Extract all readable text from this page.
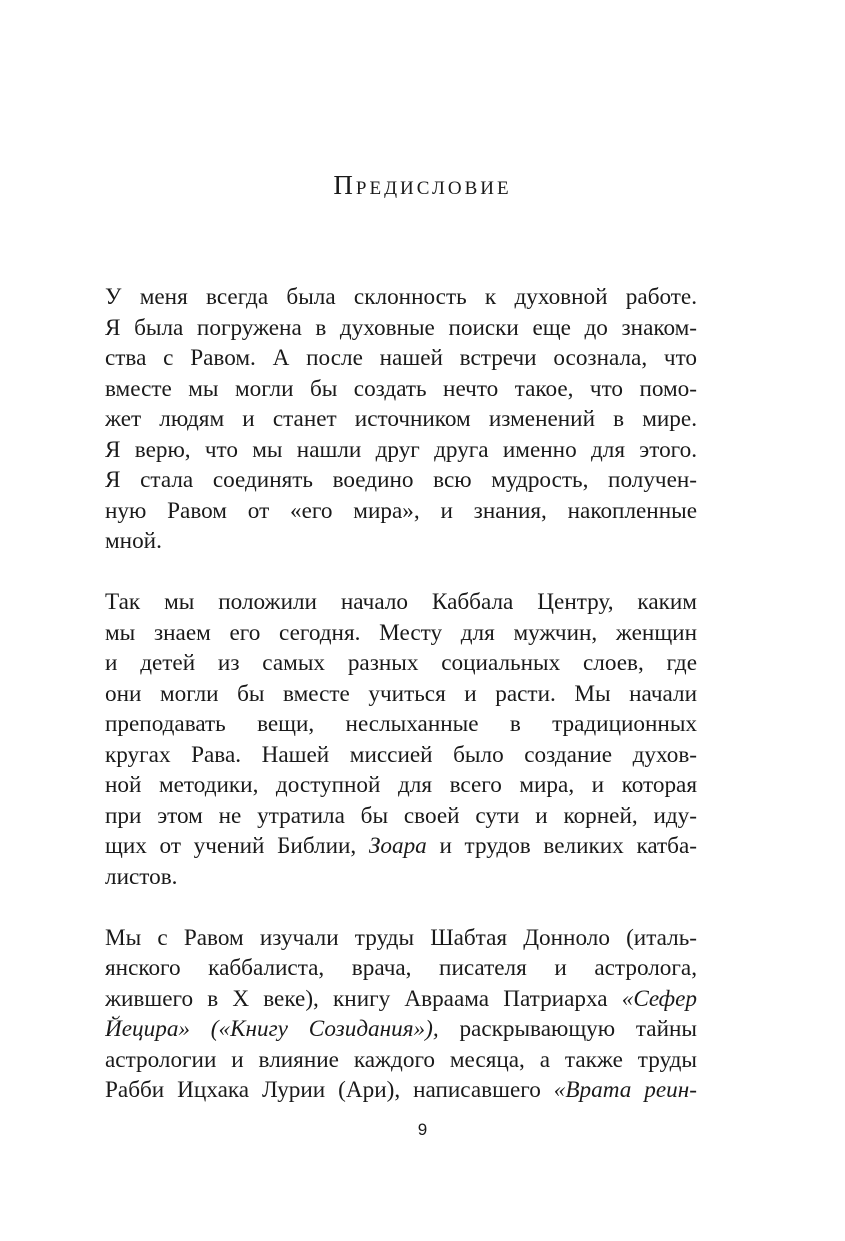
Предисловие
У меня всегда была склонность к духовной работе.
Я была погружена в духовные поиски еще до знаком-
ства с Равом. А после нашей встречи осознала, что
вместе мы могли бы создать нечто такое, что помо-
жет людям и станет источником изменений в мире.
Я верю, что мы нашли друг друга именно для этого.
Я стала соединять воедино всю мудрость, получен-
ную Равом от «его мира», и знания, накопленные
мной.
Так мы положили начало Каббала Центру, каким
мы знаем его сегодня. Месту для мужчин, женщин
и детей из самых разных социальных слоев, где
они могли бы вместе учиться и расти. Мы начали
преподавать вещи, неслыханные в традиционных
кругах Рава. Нашей миссией было создание духов-
ной методики, доступной для всего мира, и которая
при этом не утратила бы своей сути и корней, иду-
щих от учений Библии, Зоара и трудов великих катба-
листов.
Мы с Равом изучали труды Шабтая Донноло (италь-
янского каббалиста, врача, писателя и астролога,
жившего в X веке), книгу Авраама Патриарха «Сефер
Йецира» («Книгу Созидания»), раскрывающую тайны
астрологии и влияние каждого месяца, а также труды
Рабби Ицхака Лурии (Ари), написавшего «Врата реин-
9
